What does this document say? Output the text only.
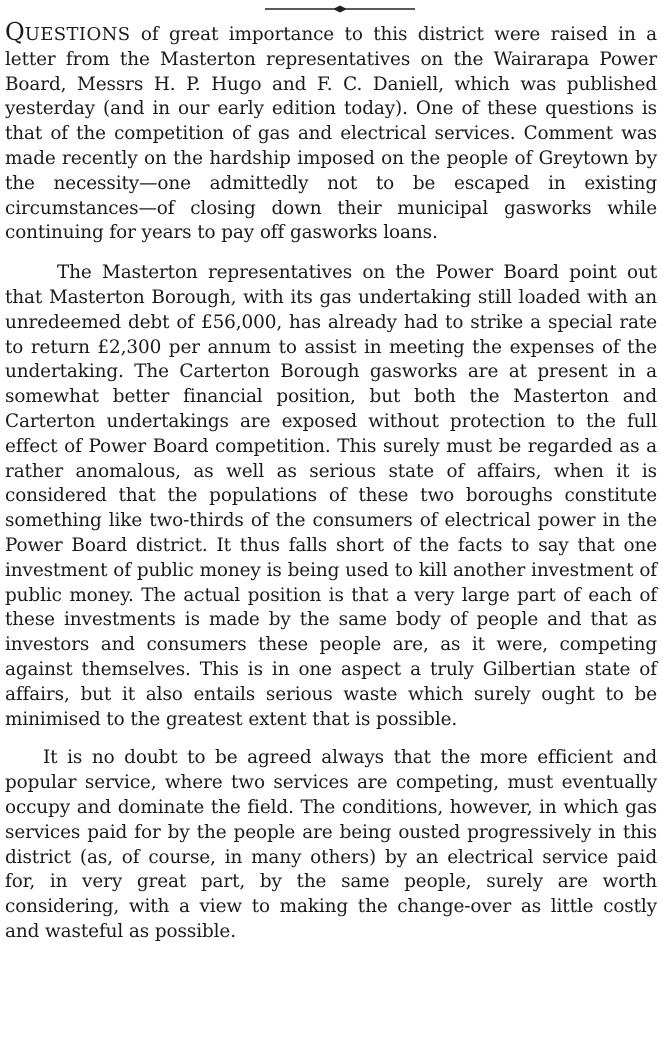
QUESTIONS of great importance to this district were raised in a letter from the Masterton representatives on the Wairarapa Power Board, Messrs H. P. Hugo and F. C. Daniell, which was published yesterday (and in our early edition today). One of these questions is that of the competition of gas and electrical services. Comment was made recently on the hardship imposed on the people of Greytown by the necessity—one admittedly not to be escaped in existing circumstances—of closing down their municipal gasworks while continuing for years to pay off gasworks loans.

The Masterton representatives on the Power Board point out that Masterton Borough, with its gas undertaking still loaded with an unredeemed debt of £56,000, has already had to strike a special rate to return £2,300 per annum to assist in meeting the expenses of the undertaking. The Carterton Borough gasworks are at present in a somewhat better financial position, but both the Masterton and Carterton undertakings are exposed without protection to the full effect of Power Board competition. This surely must be regarded as a rather anomalous, as well as serious state of affairs, when it is considered that the populations of these two boroughs constitute something like two-thirds of the consumers of electrical power in the Power Board district. It thus falls short of the facts to say that one investment of public money is being used to kill another investment of public money. The actual position is that a very large part of each of these investments is made by the same body of people and that as investors and consumers these people are, as it were, competing against themselves. This is in one aspect a truly Gilbertian state of affairs, but it also entails serious waste which surely ought to be minimised to the greatest extent that is possible.

It is no doubt to be agreed always that the more efficient and popular service, where two services are competing, must eventually occupy and dominate the field. The conditions, however, in which gas services paid for by the people are being ousted progressively in this district (as, of course, in many others) by an electrical service paid for, in very great part, by the same people, surely are worth considering, with a view to making the change-over as little costly and wasteful as possible.
